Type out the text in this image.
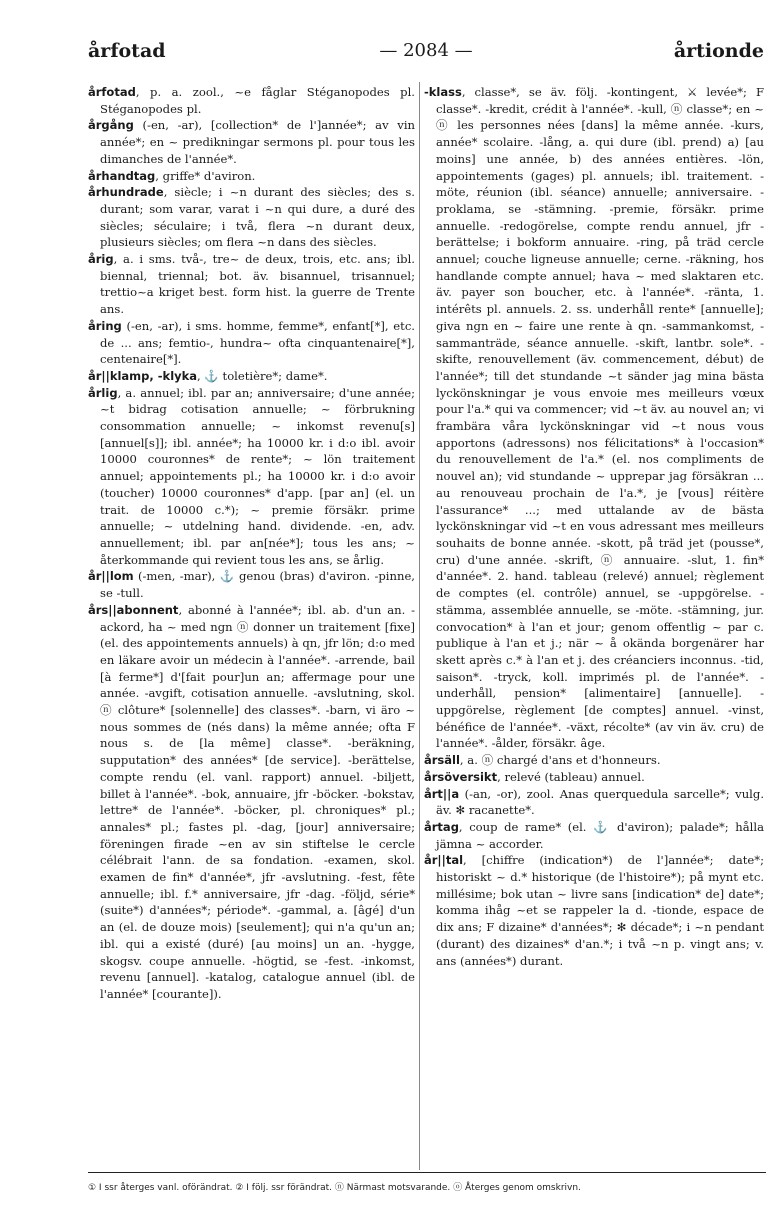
årfotad	— 2084 —	årtionde
årfotad, p. a. zool., ~e fåglar Stéganopodes pl. Stéganopodes pl.
årgång (-en, -ar), [collection* de l']année*; av vin année*; en ~ predikningar sermons pl. pour tous les dimanches de l'année*.
århandtag, griffe* d'aviron.
århundrade, siècle; i ~n durant des siècles; des s. durant; som varar, varat i ~n qui dure, a duré des siècles; séculaire; i två, flera ~n durant deux, plusieurs siècles; om flera ~n dans des siècles.
årig, a. i sms. två-, tre~ de deux, trois, etc. ans; ibl. biennal, triennal; bot. äv. bisannuel, trisannuel; trettio~a kriget best. form hist. la guerre de Trente ans.
åring (-en, -ar), i sms. homme, femme*, enfant[*], etc. de ... ans; femtio-, hundra~ ofta cinquantenaire[*], centenaire[*].
år||klamp, -klyka, ⚓ toletière*; dame*.
årlig, a. annuel; ibl. par an; anniversaire; d'une année; ~t bidrag cotisation annuelle; ~ förbrukning consommation annuelle; ~ inkomst revenu[s] [annuel[s]]; ibl. année*; ha 10000 kr. i d:o ibl. avoir 10000 couronnes* de rente*; ~ lön traitement annuel; appointements pl.; ha 10000 kr. i d:o avoir (toucher) 10000 couronnes* d'app. [par an] (el. un trait. de 10000 c.*); ~ premie försäkr. prime annuelle; ~ utdelning hand. dividende. -en, adv. annuellement; ibl. par an[née*]; tous les ans; ~ återkommande qui revient tous les ans, se årlig.
år||lom (-men, -mar), ⚓ genou (bras) d'aviron. -pinne, se -tull.
års||abonnent, abonné à l'année*; ibl. ab. d'un an. -ackord, ha ~ med ngn ⓝ donner un traitement [fixe] (el. des appointements annuels) à qn, jfr lön; d:o med en läkare avoir un médecin à l'année*. -arrende, bail [à ferme*] d'[fait pour]un an; affermage pour une année. -avgift, cotisation annuelle. -avslutning, skol. ⓝ clôture* [solennelle] des classes*. -barn, vi äro ~ nous sommes de (nés dans) la même année; ofta F nous s. de [la même] classe*. -beräkning, supputation* des années* [de service]. -berättelse, compte rendu (el. vanl. rapport) annuel. -biljett, billet à l'année*. -bok, annuaire, jfr -böcker. -bokstav, lettre* de l'année*. -böcker, pl. chroniques* pl.; annales* pl.; fastes pl. -dag, [jour] anniversaire; föreningen firade ~en av sin stiftelse le cercle célébrait l'ann. de sa fondation. -examen, skol. examen de fin* d'année*, jfr -avslutning. -fest, fête annuelle; ibl. f.* anniversaire, jfr -dag. -följd, série* (suite*) d'années*; période*. -gammal, a. [âgé] d'un an (el. de douze mois) [seulement]; qui n'a qu'un an; ibl. qui a existé (duré) [au moins] un an. -hygge, skogsv. coupe annuelle. -högtid, se -fest. -inkomst, revenu [annuel]. -katalog, catalogue annuel (ibl. de l'année* [courante]).
-klass, classe*, se äv. följ. -kontingent, ⚔ levée*; F classe*. -kredit, crédit à l'année*. -kull, ⓝ classe*; en ~ ⓝ les personnes nées [dans] la même année. -kurs, année* scolaire. -lång, a. qui dure (ibl. prend) a) [au moins] une année, b) des années entières. -lön, appointements (gages) pl. annuels; ibl. traitement. -möte, réunion (ibl. séance) annuelle; anniversaire. -proklama, se -stämning. -premie, försäkr. prime annuelle. -redogörelse, compte rendu annuel, jfr -berättelse; i bokform annuaire. -ring, på träd cercle annuel; couche ligneuse annuelle; cerne. -räkning, hos handlande compte annuel; hava ~ med slaktaren etc. äv. payer son boucher, etc. à l'année*. -ränta, 1. intérêts pl. annuels. 2. ss. underhåll rente* [annuelle]; giva ngn en ~ faire une rente à qn. -sammankomst, -sammanträde, séance annuelle. -skift, lantbr. sole*. -skifte, renouvellement (äv. commencement, début) de l'année*; till det stundande ~t sänder jag mina bästa lyckönskningar je vous envoie mes meilleurs vœux pour l'a.* qui va commencer; vid ~t äv. au nouvel an; vi frambära våra lyckönskningar vid ~t nous vous apportons (adressons) nos félicitations* à l'occasion* du renouvellement de l'a.* (el. nos compliments de nouvel an); vid stundande ~ upprepar jag försäkran ... au renouveau prochain de l'a.*, je [vous] réitère l'assurance* ...; med uttalande av de bästa lyckönskningar vid ~t en vous adressant mes meilleurs souhaits de bonne année. -skott, på träd jet (pousse*, cru) d'une année. -skrift, ⓝ annuaire. -slut, 1. fin* d'année*. 2. hand. tableau (relevé) annuel; règlement de comptes (el. contrôle) annuel, se -uppgörelse. -stämma, assemblée annuelle, se -möte. -stämning, jur. convocation* à l'an et jour; genom offentlig ~ par c. publique à l'an et j.; när ~ å okända borgenärer har skett après c.* à l'an et j. des créanciers inconnus. -tid, saison*. -tryck, koll. imprimés pl. de l'année*. -underhåll, pension* [alimentaire] [annuelle]. -uppgörelse, règlement [de comptes] annuel. -vinst, bénéfice de l'année*. -växt, récolte* (av vin äv. cru) de l'année*. -ålder, försäkr. âge.
årsäll, a. ⓝ chargé d'ans et d'honneurs.
årsöversikt, relevé (tableau) annuel.
årt||a (-an, -or), zool. Anas querquedula sarcelle*; vulg. äv. ✻ racanette*.
årtag, coup de rame* (el. ⚓ d'aviron); palade*; hålla jämna ~ accorder.
år||tal, [chiffre (indication*) de l']année*; date*; historiskt ~ d.* historique (de l'histoire*); på mynt etc. millésime; bok utan ~ livre sans [indication* de] date*; komma ihåg ~et se rappeler la d. -tionde, espace de dix ans; F dizaine* d'années*; ✻ décade*; i ~n pendant (durant) des dizaines* d'an.*; i två ~n p. vingt ans; v. ans (années*) durant.
① I ssr återges vanl. oförändrat. ② I följ. ssr förändrat. ⓝ Närmast motsvarande. ⓞ Återges genom omskrivn.
